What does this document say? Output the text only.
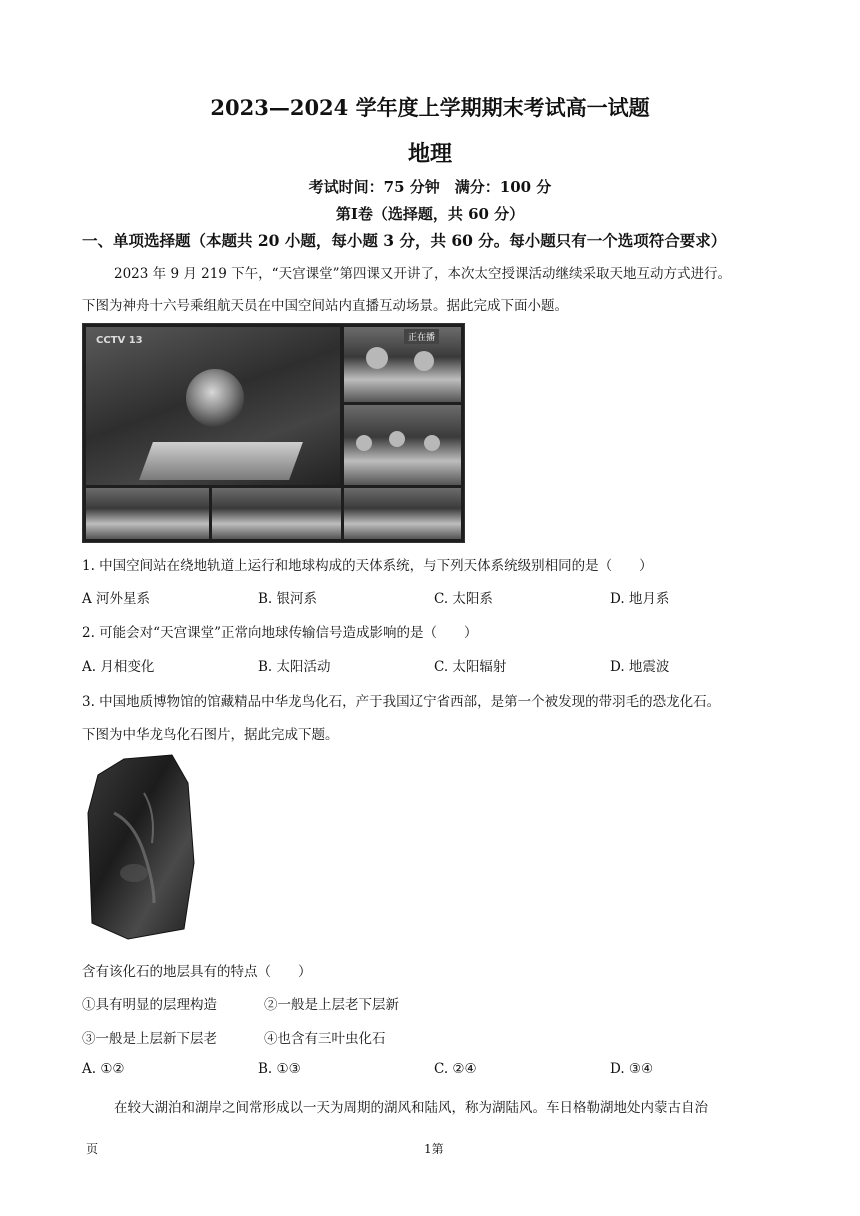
2023—2024 学年度上学期期末考试高一试题
地理
考试时间：75 分钟　满分：100 分
第Ⅰ卷（选择题，共 60 分）
一、单项选择题（本题共 20 小题，每小题 3 分，共 60 分。每小题只有一个选项符合要求）
2023 年 9 月 219 下午，“天宫课堂”第四课又开讲了，本次太空授课活动继续采取天地互动方式进行。
下图为神舟十六号乘组航天员在中国空间站内直播互动场景。据此完成下面小题。
CCTV 13	正在播
1. 中国空间站在绕地轨道上运行和地球构成的天体系统，与下列天体系统级别相同的是（　　）
A 河外星系	B. 银河系	C. 太阳系	D. 地月系
2. 可能会对“天宫课堂”正常向地球传输信号造成影响的是（　　）
A. 月相变化	B. 太阳活动	C. 太阳辐射	D. 地震波
3. 中国地质博物馆的馆藏精品中华龙鸟化石，产于我国辽宁省西部，是第一个被发现的带羽毛的恐龙化石。
下图为中华龙鸟化石图片，据此完成下题。
含有该化石的地层具有的特点（　　）
①具有明显的层理构造	②一般是上层老下层新
③一般是上层新下层老	④也含有三叶虫化石
A. ①②	B. ①③	C. ②④	D. ③④
在较大湖泊和湖岸之间常形成以一天为周期的湖风和陆风，称为湖陆风。车日格勒湖地处内蒙古自治
页	1第
